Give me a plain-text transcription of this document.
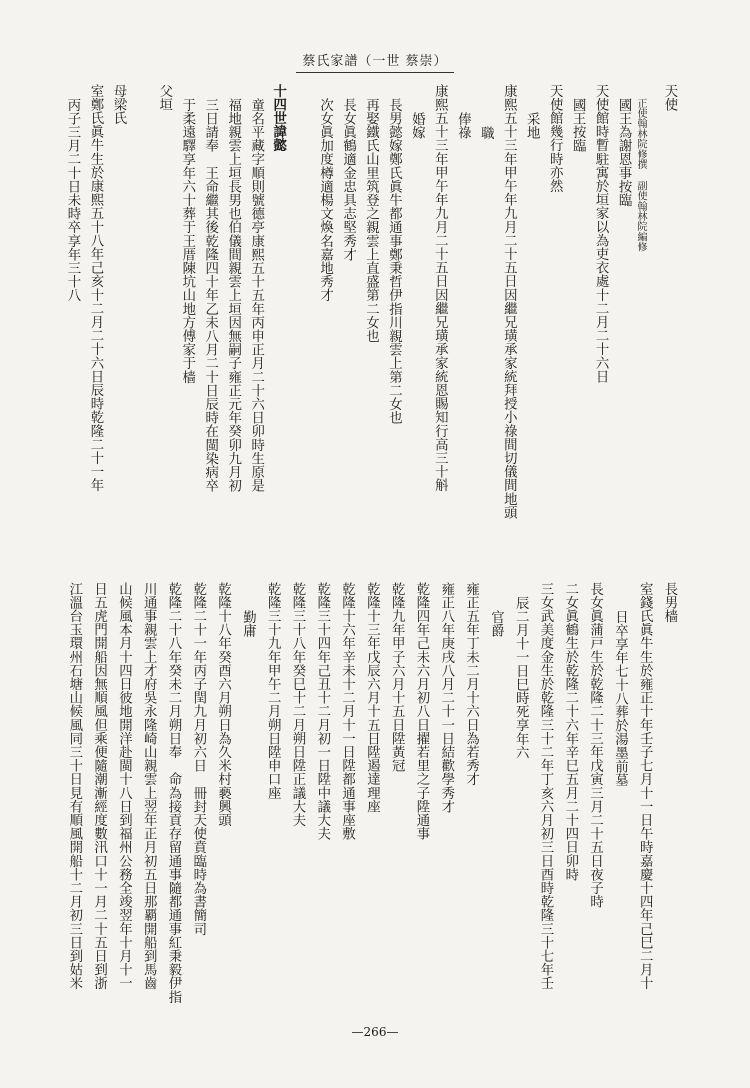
蔡氏家譜（一世 蔡崇）
天使
正使翰林院修撰 副使翰林院編修
國王為謝恩事按臨
天使館時暫駐寓於垣家以為吏衣處十二月二十六日
國王按臨
天使館幾行時亦然
采地
康熙五十三年甲午年九月二十五日因繼兄璜承家統拜授小祿間切儀間地頭
職
俸祿
康熙五十三年甲午年九月二十五日因繼兄璜承家統恩賜知行高三十斛
婚嫁
長男懿嫁鄭氏眞牛都通事鄭秉哲伊指川親雲上第二女也
再娶鐵氏山里筑登之親雲上直盛第二女也
長女眞鶴適金忠具志堅秀才
次女眞加度樽適楊文煥名嘉地秀才
十四世諱懿
童名平藏字順則號德亭康熙五十五年丙申正月二十六日卯時生原是
福地親雲上垣長男也伯儀間親雲上垣因無嗣子雍正元年癸卯九月初
三日請奉　王命繼其後乾隆四十年乙未八月二十日辰時在閩染病卒
于柔遠驛享年六十葬于王厝陳坑山地方傅家于樯
父垣
母梁氏
室鄭氏眞牛生於康熙五十八年己亥十二月二十六日辰時乾隆二十一年
丙子三月二十日未時卒享年三十八
長男樯
室錢氏眞牛生於雍正十年壬子七月十一日午時嘉慶十四年己巳二月十
日卒享年七十八葬於湯墨前墓
長女眞蒲戸生於乾隆二十三年戊寅三月二十五日夜子時
二女眞鶴生於乾隆二十六年辛巳五月二十四日卯時
三女武美度金生於乾隆三十二年丁亥六月初三日酉時乾隆三十七年壬
辰二月十一日巳時死享年六
官爵
雍正五年丁未二月十六日為若秀才
雍正八年庚戌八月二十一日結歡學秀才
乾隆四年己未六月初八日擢若里之子陞通事
乾隆九年甲子六月十五日陞黃冠
乾隆十三年戊辰六月十五日陞遏達理座
乾隆十六年辛未十二月十一日陞都通事座敷
乾隆三十四年己丑十二月初一日陞中議大夫
乾隆三十八年癸巳十二月朔日陞正議大夫
乾隆三十九年甲午二月朔日陞申口座
勤庸
乾隆十八年癸酉六月朔日為久米村褻興頭
乾隆二十一年丙子閏九月初六日　冊封天使賁臨時為書簡司
乾隆二十八年癸未二月朔日奉　命為接貢存留通事隨都通事紅秉毅伊指
川通事親雲上才府吳永隆崎山親雲上翌年正月初五日那覇開船到馬齒
山候風本月十四日彼地開洋赴閩十八日到福州公務全竣翌年十月十一
日五虎門開船因無順風但乘便隨潮漸經度數汛口十一月二十五日到浙
江溫台玉環州石塘山候風同三十日見有順風開船十二月初三日到姑米
—266—
